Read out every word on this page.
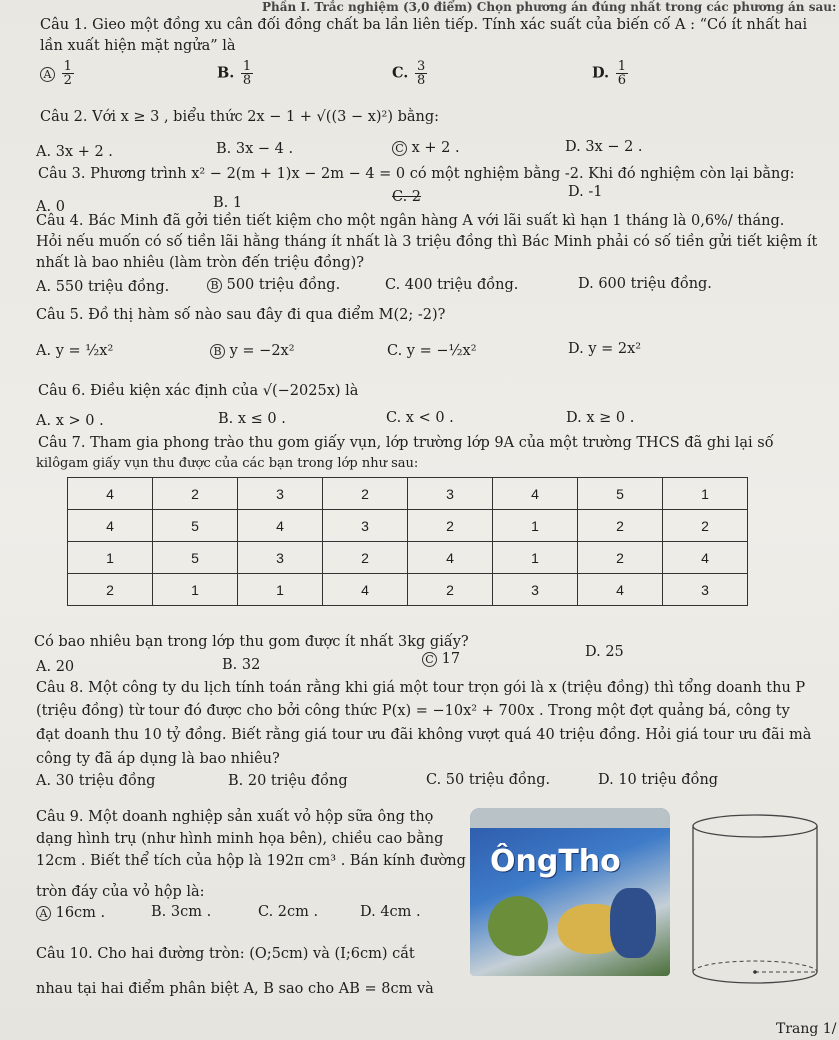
Phần I. Trắc nghiệm (3,0 điểm) Chọn phương án đúng nhất trong các phương án sau:
Câu 1. Gieo một đồng xu cân đối đồng chất ba lần liên tiếp. Tính xác suất của biến cố A : “Có ít nhất hai
lần xuất hiện mặt ngửa” là
A $\frac{1}{2}$	B. $\frac{1}{8}$	C. $\frac{3}{8}$	D. $\frac{1}{6}$
Câu 2. Với x ≥ 3 , biểu thức 2x − 1 + √((3 − x)²) bằng:
A. 3x + 2 .	B. 3x − 4 .	C x + 2 .	D. 3x − 2 .
Câu 3. Phương trình x² − 2(m + 1)x − 2m − 4 = 0 có một nghiệm bằng -2. Khi đó nghiệm còn lại bằng:
A. 0	B. 1	C. 2	D. -1
Câu 4. Bác Minh đã gởi tiền tiết kiệm cho một ngân hàng A với lãi suất kì hạn 1 tháng là 0,6%/ tháng.
Hỏi nếu muốn có số tiền lãi hằng tháng ít nhất là 3 triệu đồng thì Bác Minh phải có số tiền gửi tiết kiệm ít
nhất là bao nhiêu (làm tròn đến triệu đồng)?
A. 550 triệu đồng.	B 500 triệu đồng.	C. 400 triệu đồng.	D. 600 triệu đồng.
Câu 5. Đồ thị hàm số nào sau đây đi qua điểm M(2; -2)?
A. y = ½x²	B y = −2x²	C. y = −½x²	D. y = 2x²
Câu 6. Điều kiện xác định của √(−2025x) là
A. x > 0 .	B. x ≤ 0 .	C. x < 0 .	D. x ≥ 0 .
Câu 7. Tham gia phong trào thu gom giấy vụn, lớp trường lớp 9A của một trường THCS đã ghi lại số
kilôgam giấy vụn thu được của các bạn trong lớp như sau:
4	2	3	2	3	4	5	1
4	5	4	3	2	1	2	2
1	5	3	2	4	1	2	4
2	1	1	4	2	3	4	3
Có bao nhiêu bạn trong lớp thu gom được ít nhất 3kg giấy?
A. 20	B. 32	C 17	D. 25
Câu 8. Một công ty du lịch tính toán rằng khi giá một tour trọn gói là x (triệu đồng) thì tổng doanh thu P
(triệu đồng) từ tour đó được cho bởi công thức P(x) = −10x² + 700x . Trong một đợt quảng bá, công ty
đạt doanh thu 10 tỷ đồng. Biết rằng giá tour ưu đãi không vượt quá 40 triệu đồng. Hỏi giá tour ưu đãi mà
công ty đã áp dụng là bao nhiêu?
A. 30 triệu đồng	B. 20 triệu đồng	C. 50 triệu đồng.	D. 10 triệu đồng
Câu 9. Một doanh nghiệp sản xuất vỏ hộp sữa ông thọ
dạng hình trụ (như hình minh họa bên), chiều cao bằng
12cm . Biết thể tích của hộp là 192π cm³ . Bán kính đường
tròn đáy của vỏ hộp là:
A 16cm .	B. 3cm .	C. 2cm .	D. 4cm .
ÔngTho
Câu 10. Cho hai đường tròn: (O;5cm) và (I;6cm) cắt
nhau tại hai điểm phân biệt A, B sao cho AB = 8cm và
Trang 1/
